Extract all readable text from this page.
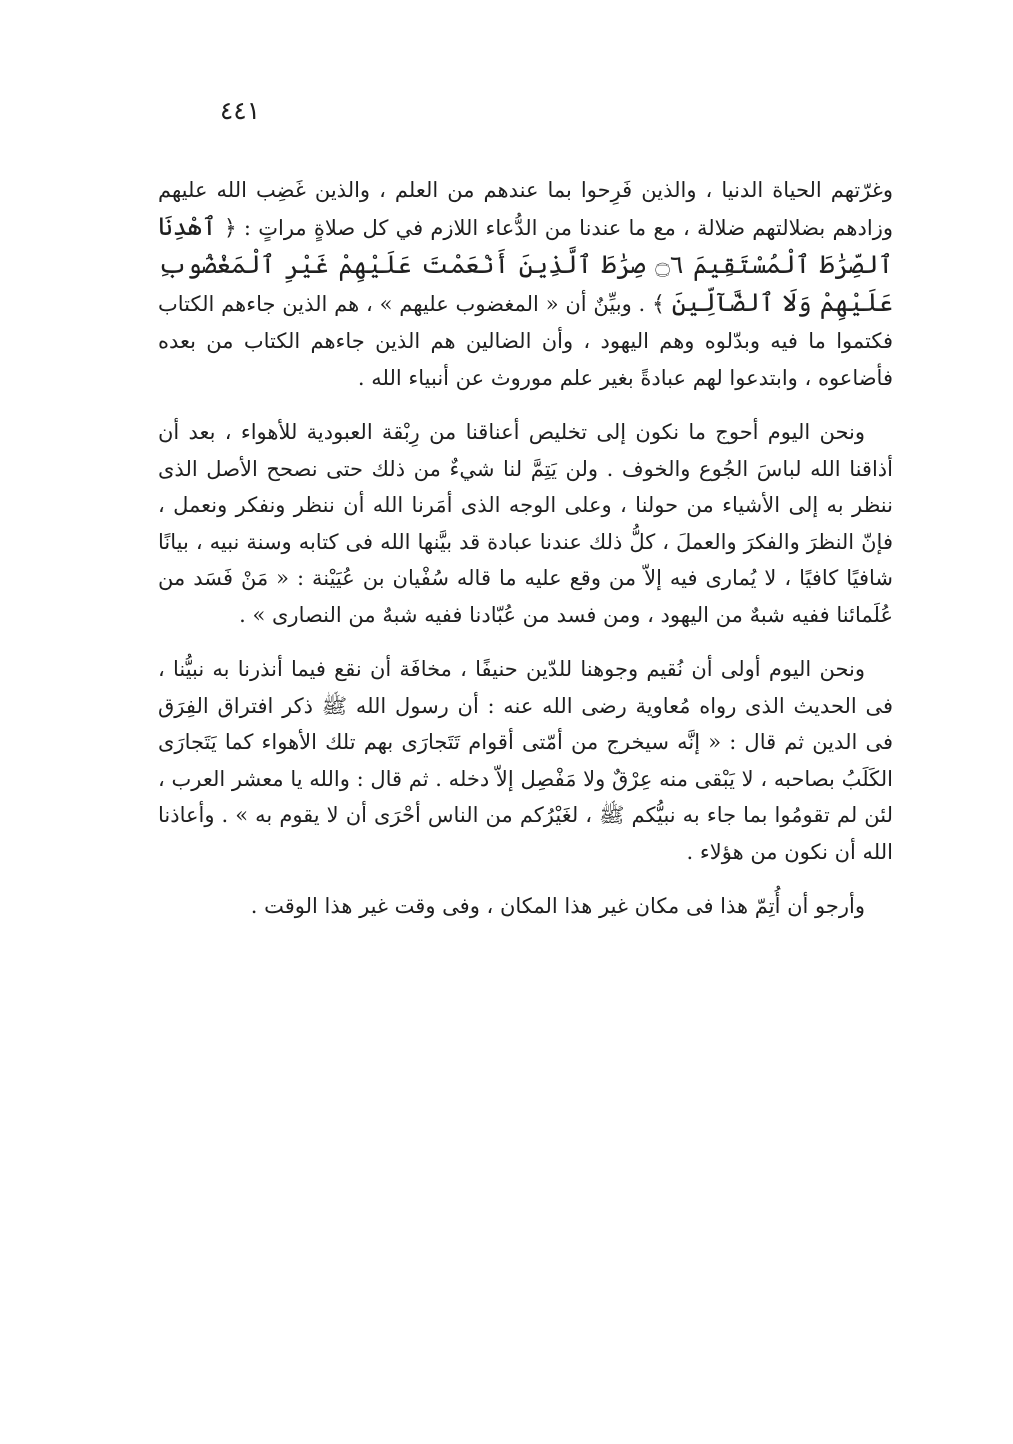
٤٤١

وغرّتهم الحياة الدنيا ، والذين فَرِحوا بما عندهم من العلم ، والذين غَضِب الله عليهم وزادهم بضلالتهم ضلالة ، مع ما عندنا من الدُّعاء اللازم في كل صلاةٍ مراتٍ : ﴿ ٱهْدِنَا ٱلصِّرَٰطَ ٱلْمُسْتَقِيمَ ۝٦ صِرَٰطَ ٱلَّذِينَ أَنْعَمْتَ عَلَيْهِمْ غَيْرِ ٱلْمَغْضُوبِ عَلَيْهِمْ وَلَا ٱلضَّآلِّينَ ﴾ . وبيِّنٌ أن « المغضوب عليهم » ، هم الذين جاءهم الكتاب فكتموا ما فيه وبدّلوه وهم اليهود ، وأن الضالين هم الذين جاءهم الكتاب من بعده فأضاعوه ، وابتدعوا لهم عبادةً بغير علم موروث عن أنبياء الله .

ونحن اليوم أحوج ما نكون إلى تخليص أعناقنا من رِبْقة العبودية للأهواء ، بعد أن أذاقنا الله لباسَ الجُوع والخوف . ولن يَتِمَّ لنا شيءٌ من ذلك حتى نصحح الأصل الذى ننظر به إلى الأشياء من حولنا ، وعلى الوجه الذى أمَرنا الله أن ننظر ونفكر ونعمل ، فإنّ النظرَ والفكرَ والعملَ ، كلُّ ذلك عندنا عبادة قد بيَّنها الله فى كتابه وسنة نبيه ، بيانًا شافيًا كافيًا ، لا يُمارى فيه إلاّ من وقع عليه ما قاله سُفْيان بن عُيَيْنة : « مَنْ فَسَد من عُلَمائنا ففيه شبهٌ من اليهود ، ومن فسد من عُبّادنا ففيه شبهٌ من النصارى » .

ونحن اليوم أولى أن نُقيم وجوهنا للدّين حنيفًا ، مخافَة أن نقع فيما أنذرنا به نبيُّنا ، فى الحديث الذى رواه مُعاوية رضى الله عنه : أن رسول الله ﷺ ذكر افتراق الفِرَق فى الدين ثم قال : « إنَّه سيخرج من أمّتى أقوام تَتَجارَى بهم تلك الأهواء كما يَتَجارَى الكَلَبُ بصاحبه ، لا يَبْقى منه عِرْقٌ ولا مَفْصِل إلاّ دخله . ثم قال : والله يا معشر العرب ، لئن لم تقومُوا بما جاء به نبيُّكم ﷺ ، لغَيْرُكم من الناس أحْرَى أن لا يقوم به » . وأعاذنا الله أن نكون من هؤلاء .

وأرجو أن أُتِمّ هذا فى مكان غير هذا المكان ، وفى وقت غير هذا الوقت .
